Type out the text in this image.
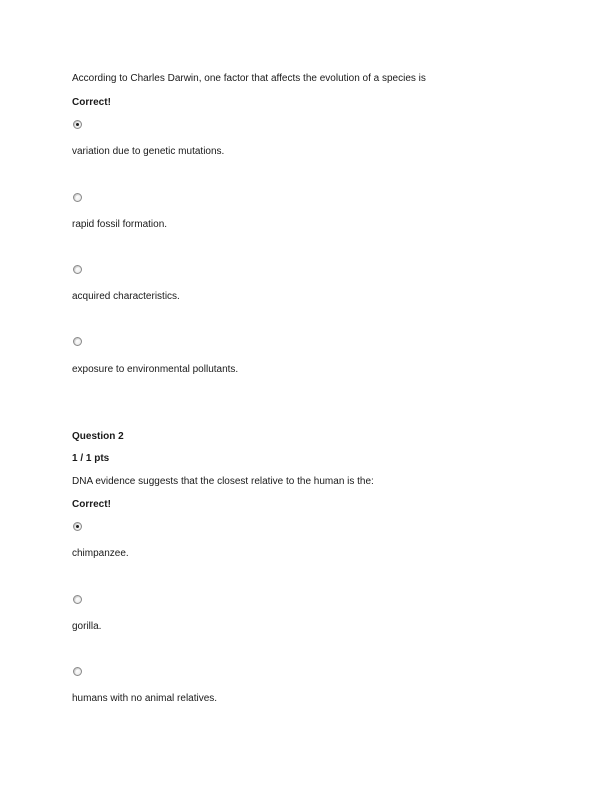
According to Charles Darwin, one factor that affects the evolution of a species is
Correct!
variation due to genetic mutations.
rapid fossil formation.
acquired characteristics.
exposure to environmental pollutants.
Question 2
1 / 1 pts
DNA evidence suggests that the closest relative to the human is the:
Correct!
chimpanzee.
gorilla.
humans with no animal relatives.
